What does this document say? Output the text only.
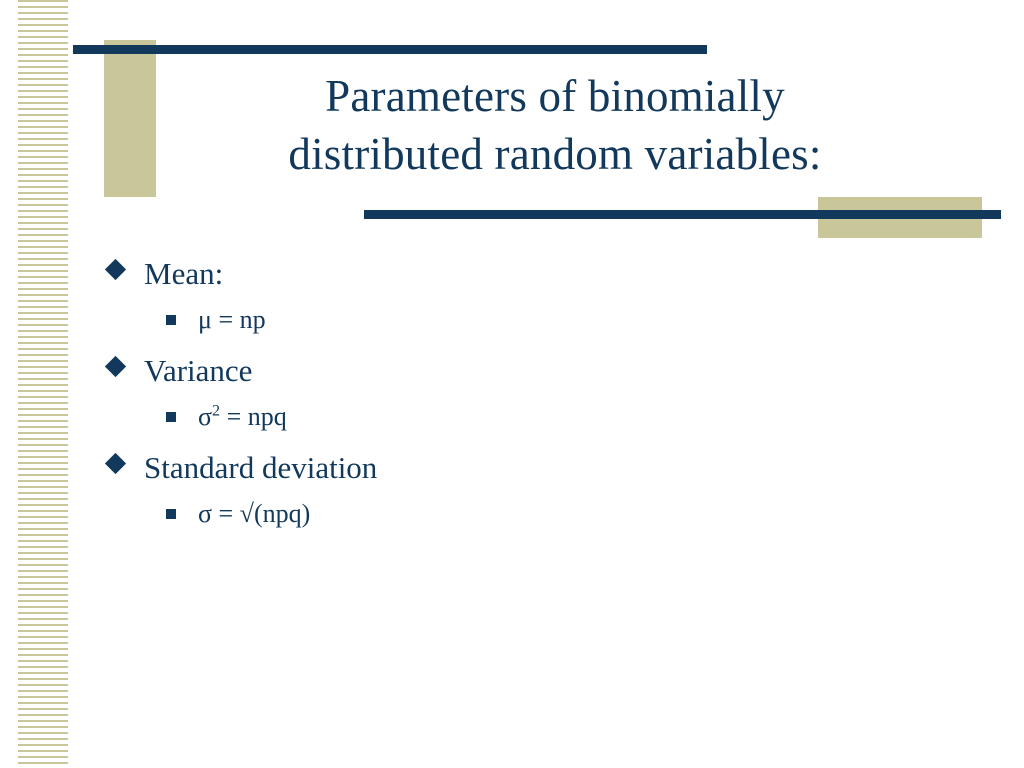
Parameters of binomially
distributed random variables:
Mean:
μ = np
Variance
$\sigma^2$ = npq
Standard deviation
σ = √(npq)
